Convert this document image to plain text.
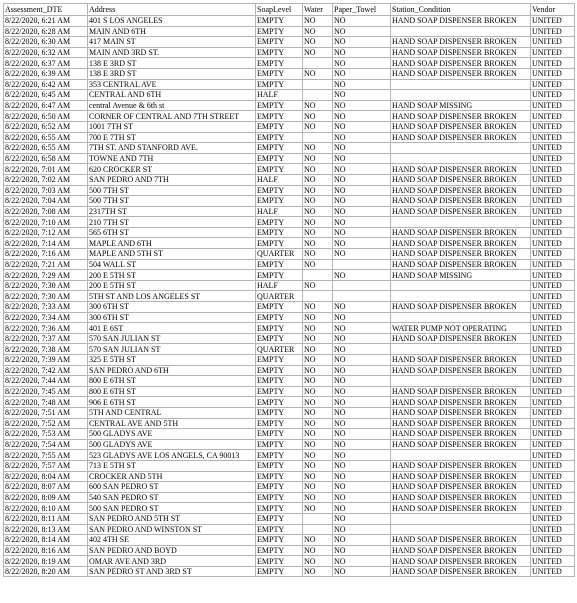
Assessment_DTE	Address	SoapLevel	Water	Paper_Towel	Station_Condition	Vendor
8/22/2020, 6:21 AM	401 S LOS ANGELES	EMPTY	NO	NO	HAND SOAP DISPENSER BROKEN	UNITED
8/22/2020, 6:28 AM	MAIN AND 6TH	EMPTY	NO	NO		UNITED
8/22/2020, 6:30 AM	417 MAIN ST	EMPTY	NO	NO	HAND SOAP DISPENSER BROKEN	UNITED
8/22/2020, 6:32 AM	MAIN AND 3RD ST.	EMPTY	NO	NO	HAND SOAP DISPENSER BROKEN	UNITED
8/22/2020, 6:37 AM	138 E 3RD ST	EMPTY		NO	HAND SOAP DISPENSER BROKEN	UNITED
8/22/2020, 6:39 AM	138 E 3RD ST	EMPTY	NO	NO	HAND SOAP DISPENSER BROKEN	UNITED
8/22/2020, 6:42 AM	353 CENTRAL AVE	EMPTY		NO		UNITED
8/22/2020, 6:45 AM	CENTRAL AND 6TH	HALF		NO		UNITED
8/22/2020, 6:47 AM	central Avenue & 6th st	EMPTY	NO	NO	HAND SOAP MISSING	UNITED
8/22/2020, 6:50 AM	CORNER OF CENTRAL AND 7TH STREET	EMPTY	NO	NO	HAND SOAP DISPENSER BROKEN	UNITED
8/22/2020, 6:52 AM	1001 7TH ST	EMPTY	NO	NO	HAND SOAP DISPENSER BROKEN	UNITED
8/22/2020, 6:55 AM	700 E 7TH ST	EMPTY		NO	HAND SOAP DISPENSER BROKEN	UNITED
8/22/2020, 6:55 AM	7TH ST. AND STANFORD AVE.	EMPTY	NO	NO		UNITED
8/22/2020, 6:58 AM	TOWNE AND 7TH	EMPTY	NO	NO		UNITED
8/22/2020, 7:01 AM	620 CROCKER ST	EMPTY	NO	NO	HAND SOAP DISPENSER BROKEN	UNITED
8/22/2020, 7:02 AM	SAN PEDRO AND 7TH	HALF	NO	NO	HAND SOAP DISPENSER BROKEN	UNITED
8/22/2020, 7:03 AM	500 7TH ST	EMPTY	NO	NO	HAND SOAP DISPENSER BROKEN	UNITED
8/22/2020, 7:04 AM	500 7TH ST	EMPTY	NO	NO	HAND SOAP DISPENSER BROKEN	UNITED
8/22/2020, 7:08 AM	2317TH ST	HALF	NO	NO	HAND SOAP DISPENSER BROKEN	UNITED
8/22/2020, 7:10 AM	210 7TH ST	EMPTY	NO	NO		UNITED
8/22/2020, 7:12 AM	565 6TH ST	EMPTY	NO	NO	HAND SOAP DISPENSER BROKEN	UNITED
8/22/2020, 7:14 AM	MAPLE AND 6TH	EMPTY	NO	NO	HAND SOAP DISPENSER BROKEN	UNITED
8/22/2020, 7:16 AM	MAPLE AND 5TH ST	QUARTER	NO	NO	HAND SOAP DISPENSER BROKEN	UNITED
8/22/2020, 7:21 AM	504 WALL ST	EMPTY	NO		HAND SOAP DISPENSER BROKEN	UNITED
8/22/2020, 7:29 AM	200 E 5TH ST	EMPTY		NO	HAND SOAP MISSING	UNITED
8/22/2020, 7:30 AM	200 E 5TH ST	HALF	NO			UNITED
8/22/2020, 7:30 AM	5TH ST AND LOS ANGELES ST	QUARTER				UNITED
8/22/2020, 7:33 AM	300 6TH ST	EMPTY	NO	NO	HAND SOAP DISPENSER BROKEN	UNITED
8/22/2020, 7:34 AM	300 6TH ST	EMPTY	NO	NO		UNITED
8/22/2020, 7:36 AM	401 E 6ST	EMPTY	NO	NO	WATER PUMP NOT OPERATING	UNITED
8/22/2020, 7:37 AM	570 SAN JULIAN ST	EMPTY	NO	NO	HAND SOAP DISPENSER BROKEN	UNITED
8/22/2020, 7:38 AM	570 SAN JULIAN ST	QUARTER	NO	NO		UNITED
8/22/2020, 7:39 AM	325 E 5TH ST	EMPTY	NO	NO	HAND SOAP DISPENSER BROKEN	UNITED
8/22/2020, 7:42 AM	SAN PEDRO AND 6TH	EMPTY	NO	NO	HAND SOAP DISPENSER BROKEN	UNITED
8/22/2020, 7:44 AM	800 E 6TH ST	EMPTY	NO	NO		UNITED
8/22/2020, 7:45 AM	800 E 6TH ST	EMPTY	NO	NO	HAND SOAP DISPENSER BROKEN	UNITED
8/22/2020, 7:48 AM	906 E 6TH ST	EMPTY	NO	NO	HAND SOAP DISPENSER BROKEN	UNITED
8/22/2020, 7:51 AM	5TH AND CENTRAL	EMPTY	NO	NO	HAND SOAP DISPENSER BROKEN	UNITED
8/22/2020, 7:52 AM	CENTRAL AVE AND 5TH	EMPTY	NO	NO	HAND SOAP DISPENSER BROKEN	UNITED
8/22/2020, 7:53 AM	500 GLADYS AVE	EMPTY	NO	NO	HAND SOAP DISPENSER BROKEN	UNITED
8/22/2020, 7:54 AM	500 GLADYS AVE	EMPTY	NO	NO	HAND SOAP DISPENSER BROKEN	UNITED
8/22/2020, 7:55 AM	523 GLADYS AVE LOS ANGELS, CA 90013	EMPTY	NO	NO		UNITED
8/22/2020, 7:57 AM	713 E 5TH ST	EMPTY	NO	NO	HAND SOAP DISPENSER BROKEN	UNITED
8/22/2020, 8:04 AM	CROCKER AND 5TH	EMPTY	NO	NO	HAND SOAP DISPENSER BROKEN	UNITED
8/22/2020, 8:07 AM	600 SAN PEDRO ST	EMPTY	NO	NO	HAND SOAP DISPENSER BROKEN	UNITED
8/22/2020, 8:09 AM	540 SAN PEDRO ST	EMPTY	NO	NO	HAND SOAP DISPENSER BROKEN	UNITED
8/22/2020, 8:10 AM	500 SAN PEDRO ST	EMPTY	NO	NO	HAND SOAP DISPENSER BROKEN	UNITED
8/22/2020, 8:11 AM	SAN PEDRO AND 5TH ST	EMPTY		NO		UNITED
8/22/2020, 8:13 AM	SAN PEDRO AND WINSTON ST	EMPTY		NO		UNITED
8/22/2020, 8:14 AM	402 4TH SE	EMPTY	NO	NO	HAND SOAP DISPENSER BROKEN	UNITED
8/22/2020, 8:16 AM	SAN PEDRO AND BOYD	EMPTY	NO	NO	HAND SOAP DISPENSER BROKEN	UNITED
8/22/2020, 8:19 AM	OMAR AVE AND 3RD	EMPTY	NO	NO	HAND SOAP DISPENSER BROKEN	UNITED
8/22/2020, 8:20 AM	SAN PEDRO ST AND 3RD ST	EMPTY	NO	NO	HAND SOAP DISPENSER BROKEN	UNITED
